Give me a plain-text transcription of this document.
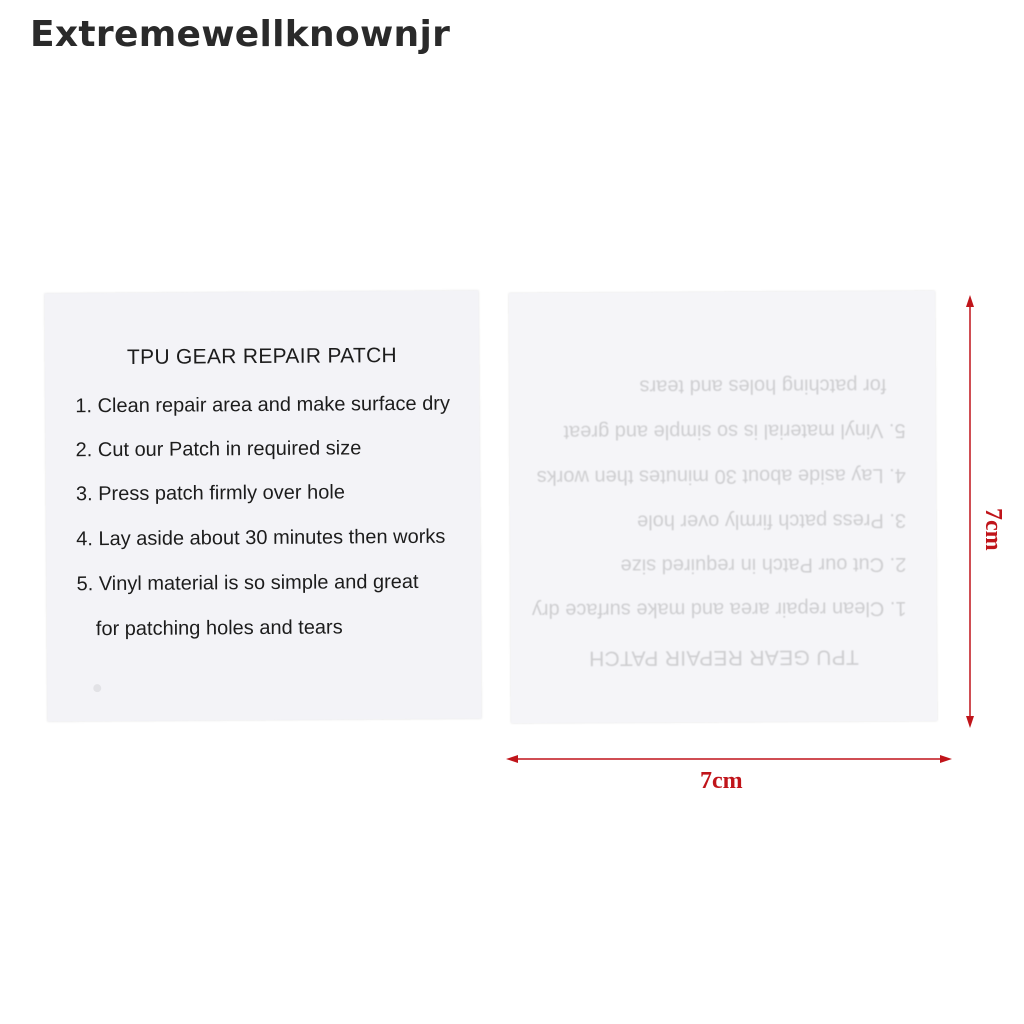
Extremewellknownjr
TPU GEAR REPAIR PATCH
1. Clean repair area and make surface dry
2. Cut our Patch in required size
3. Press patch firmly over hole
4. Lay aside about 30 minutes then works
5. Vinyl material is so simple and great
for patching holes and tears
TPU GEAR REPAIR PATCH
1. Clean repair area and make surface dry
2. Cut our Patch in required size
3. Press patch firmly over hole
4. Lay aside about 30 minutes then works
5. Vinyl material is so simple and great
for patching holes and tears
7cm
7cm
